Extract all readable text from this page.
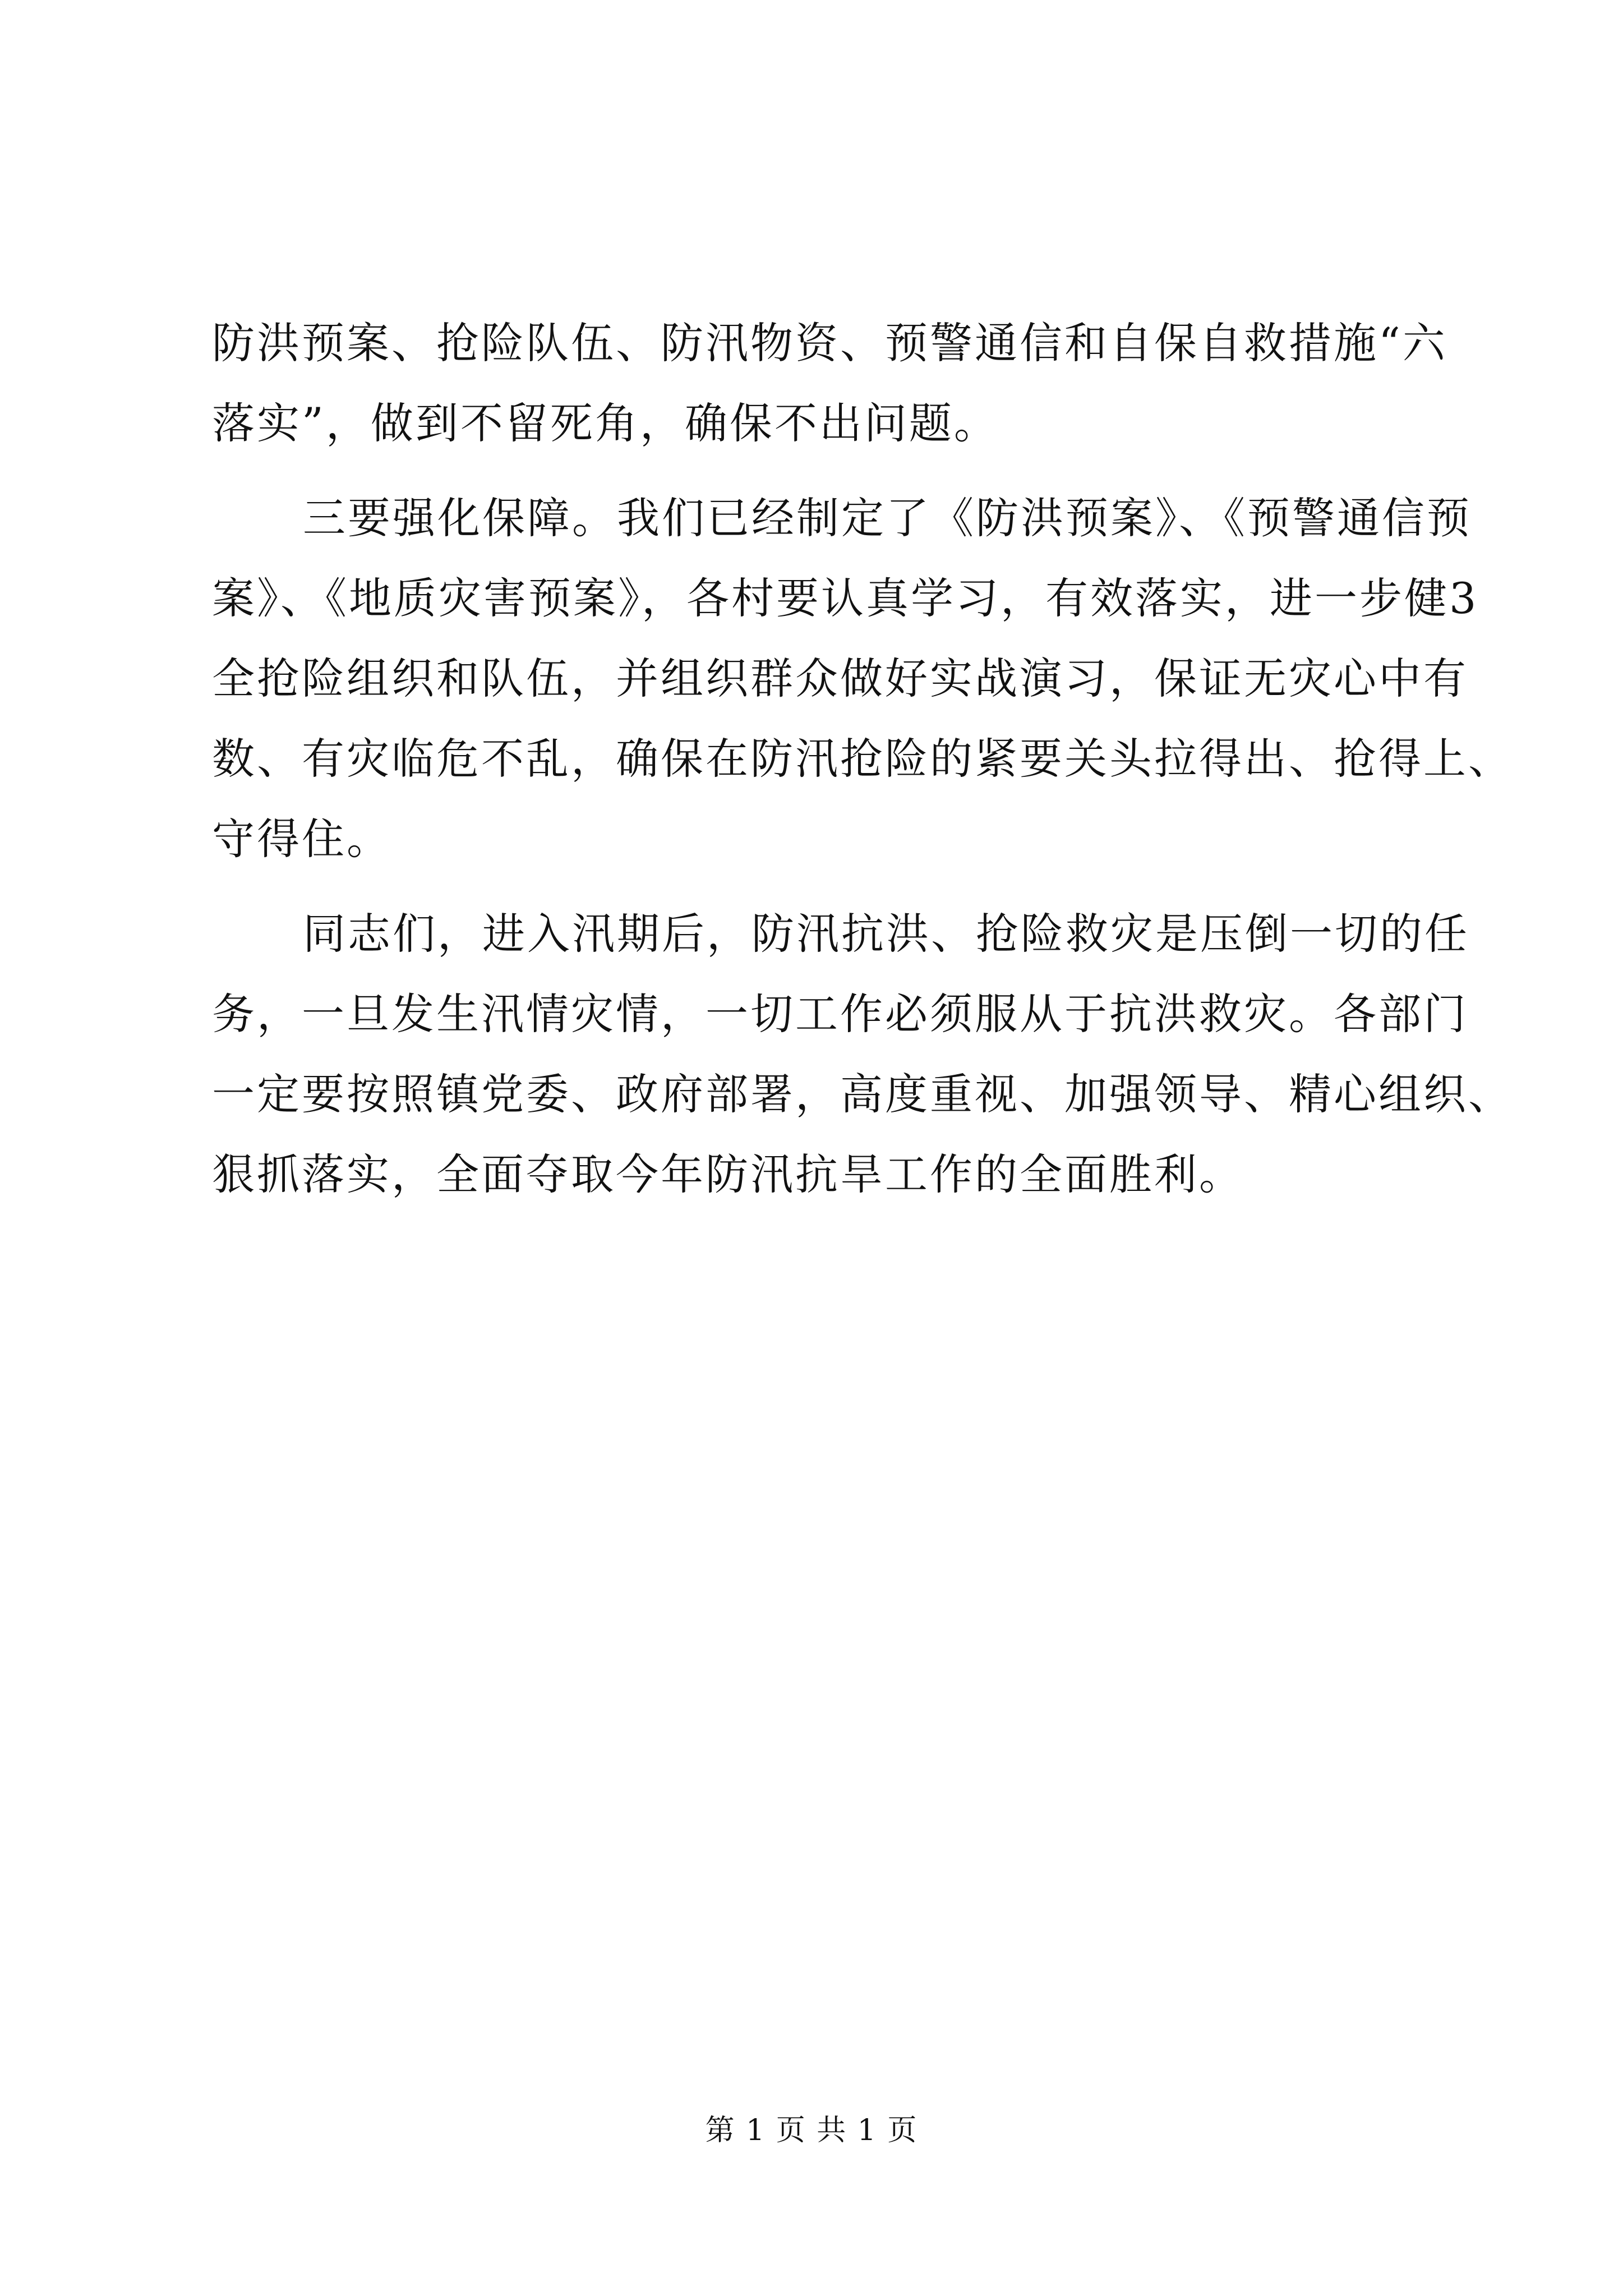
防洪预案、抢险队伍、防汛物资、预警通信和自保自救措施“六
落实”，做到不留死角，确保不出问题。
三要强化保障。我们已经制定了《防洪预案》、《预警通信预
案》、《地质灾害预案》，各村要认真学习，有效落实，进一步健3
全抢险组织和队伍，并组织群众做好实战演习，保证无灾心中有
数、有灾临危不乱，确保在防汛抢险的紧要关头拉得出、抢得上、
守得住。
同志们，进入汛期后，防汛抗洪、抢险救灾是压倒一切的任
务，一旦发生汛情灾情，一切工作必须服从于抗洪救灾。各部门
一定要按照镇党委、政府部署，高度重视、加强领导、精心组织、
狠抓落实，全面夺取今年防汛抗旱工作的全面胜利。
第 1 页 共 1 页
